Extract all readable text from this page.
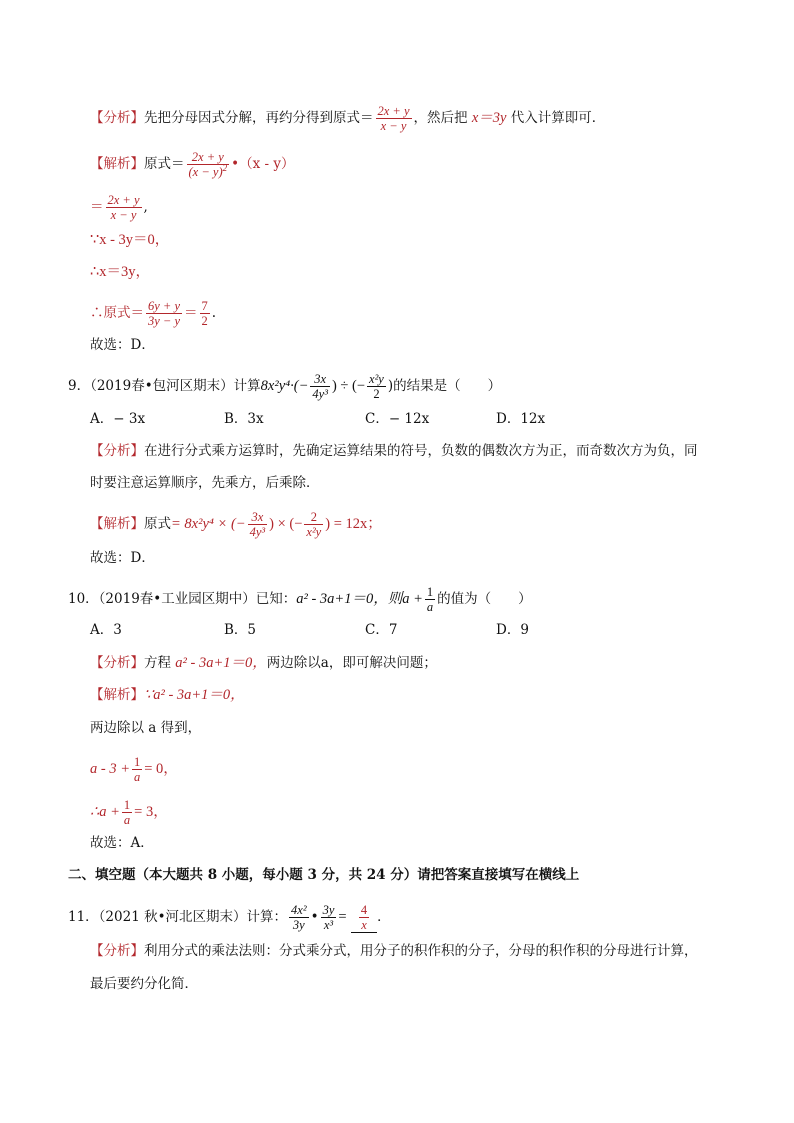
【分析】先把分母因式分解，再约分得到原式＝ $\frac{2x + y}{x - y}$ ，然后把 x＝3y 代入计算即可．
【解析】原式＝ $\frac{2x + y}{(x - y)^2}$ •（x - y）
＝ $\frac{2x + y}{x - y}$ ,
∵x - 3y＝0，
∴x＝3y，
∴原式＝ $\frac{6y + y}{3y - y} = \frac{7}{2}$ .
故选：D．
9．（2019春•包河区期末）计算$8x^2y^4\cdot(- \frac{3x}{\text{4y³}}$ ) ÷ (− $\frac{\text{x²y}}{2}$ )的结果是（　　）
A．− 3x	B．3x	C．− 12x	D．12x
【分析】在进行分式乘方运算时，先确定运算结果的符号，负数的偶数次方为正，而奇数次方为负，同
时要注意运算顺序，先乘方，后乘除．
【解析】原式= 8x²y⁴ × (− $\frac{3x}{\text{4y³}}$ ) × (− $\frac{2}{\text{x²y}}$ ) = 12x；
故选：D．
10．（2019春•工业园区期中）已知：a² - 3a+1＝0，则$a + \frac{1}{a}$ 的值为（　　）
A．3	B．5	C．7	D．9
【分析】方程 a² - 3a+1＝0，两边除以a，即可解决问题；
【解析】∵a² - 3a+1＝0，
两边除以 a 得到，
$a - 3 + \frac{1}{a} = 0$，
∴a + $\frac{1}{a} = 3$，
故选：A．
二、填空题（本大题共 8 小题，每小题 3 分，共 24 分）请把答案直接填写在横线上
11．（2021 秋•河北区期末）计算： $\frac{\text{4x²}}{3y}$ • $\frac{3y}{\text{x³}} = \frac{4}{x}$ ．
【分析】利用分式的乘法法则：分式乘分式，用分子的积作积的分子，分母的积作积的分母进行计算，
最后要约分化简．
